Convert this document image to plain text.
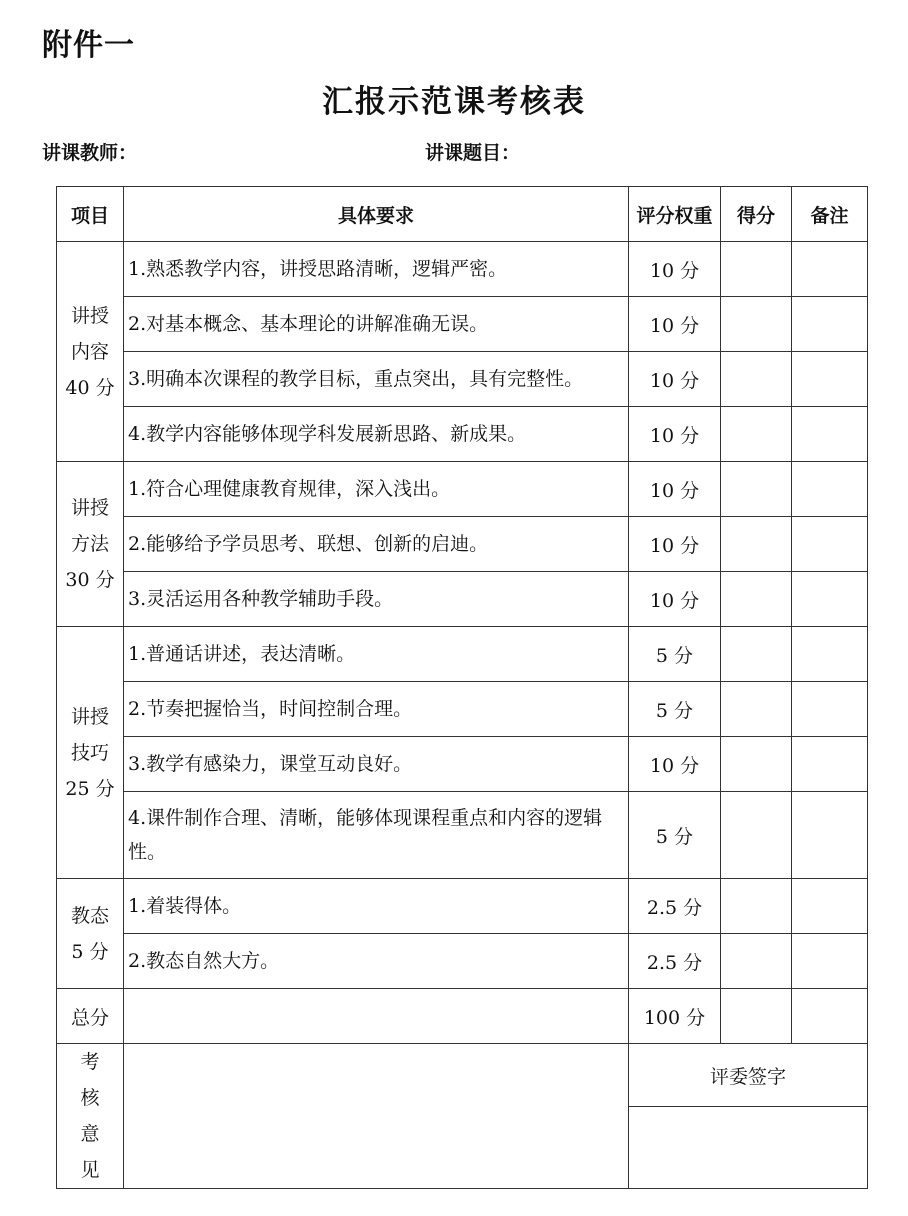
附件一
汇报示范课考核表
讲课教师：	讲课题目：
项目	具体要求	评分权重	得分	备注

讲授
内容
40 分	1.熟悉教学内容，讲授思路清晰，逻辑严密。	10 分		
	2.对基本概念、基本理论的讲解准确无误。	10 分		
	3.明确本次课程的教学目标，重点突出，具有完整性。	10 分		
	4.教学内容能够体现学科发展新思路、新成果。	10 分		

讲授
方法
30 分	1.符合心理健康教育规律，深入浅出。	10 分		
	2.能够给予学员思考、联想、创新的启迪。	10 分		
	3.灵活运用各种教学辅助手段。	10 分		

讲授
技巧
25 分	1.普通话讲述，表达清晰。	5 分		
	2.节奏把握恰当，时间控制合理。	5 分		
	3.教学有感染力，课堂互动良好。	10 分		
	4.课件制作合理、清晰，能够体现课程重点和内容的逻辑性。	5 分		

教态
5 分	1.着装得体。	2.5 分		
	2.教态自然大方。	2.5 分		
总分		100 分		

考
核
意
见		评委签字		
